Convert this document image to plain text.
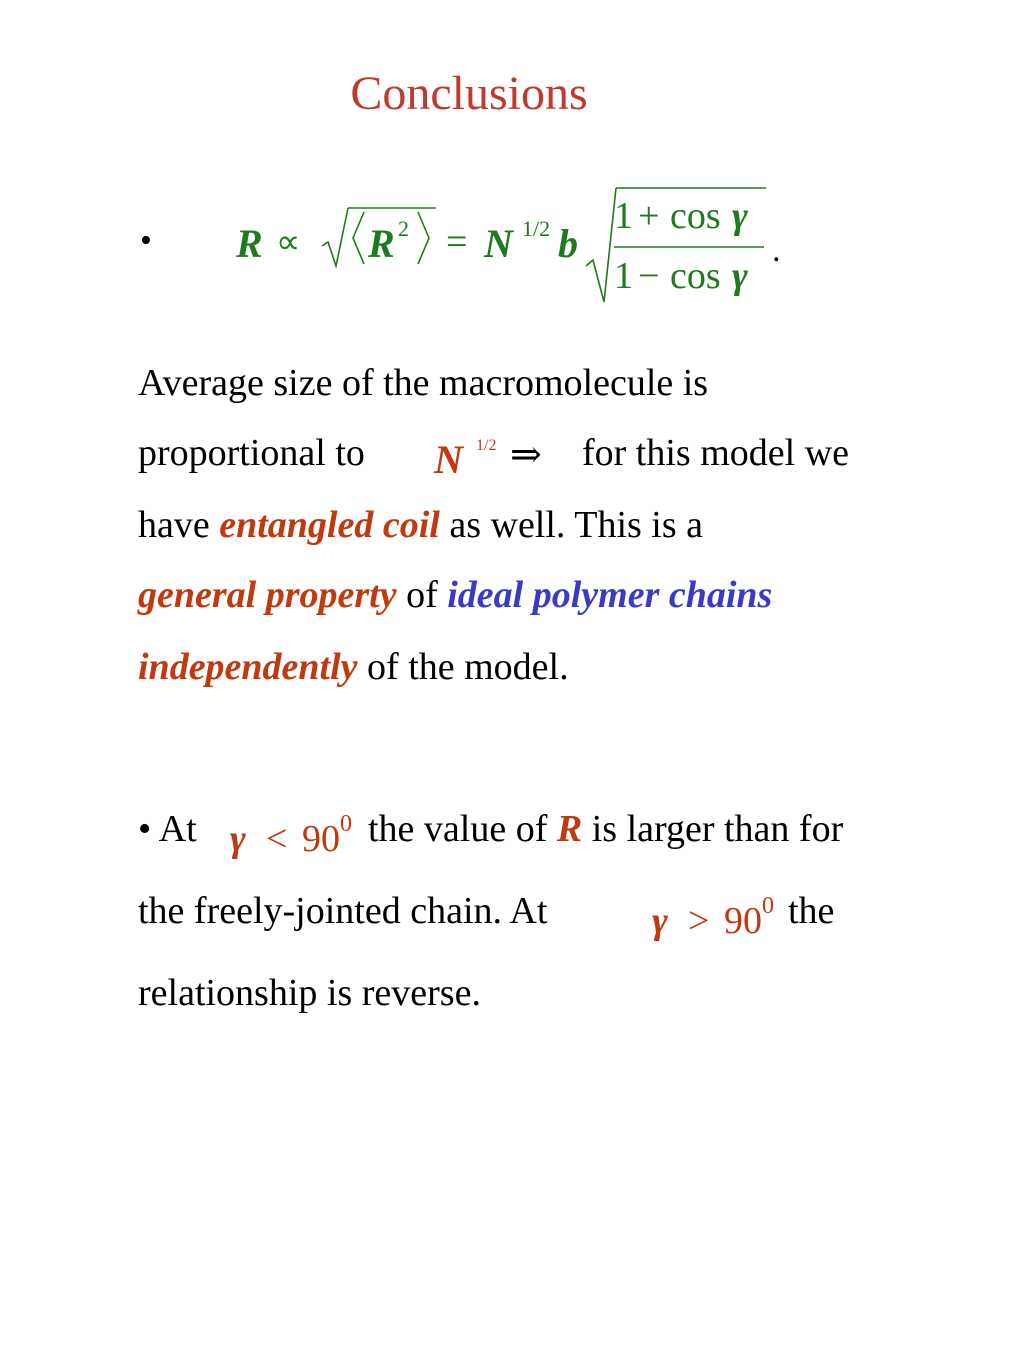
Conclusions
• R ∝ R 2 = N 1/2 b
1 + cos γ
1 − cos γ
.
Average size of the macromolecule is
proportional to N 1/2 ⇒ for this model we
have entangled coil as well. This is a
general property of ideal polymer chains
independently of the model.
• At γ < 90 0 the value of R is larger than for
the freely-jointed chain. At	γ > 90 0 the
relationship is reverse.
